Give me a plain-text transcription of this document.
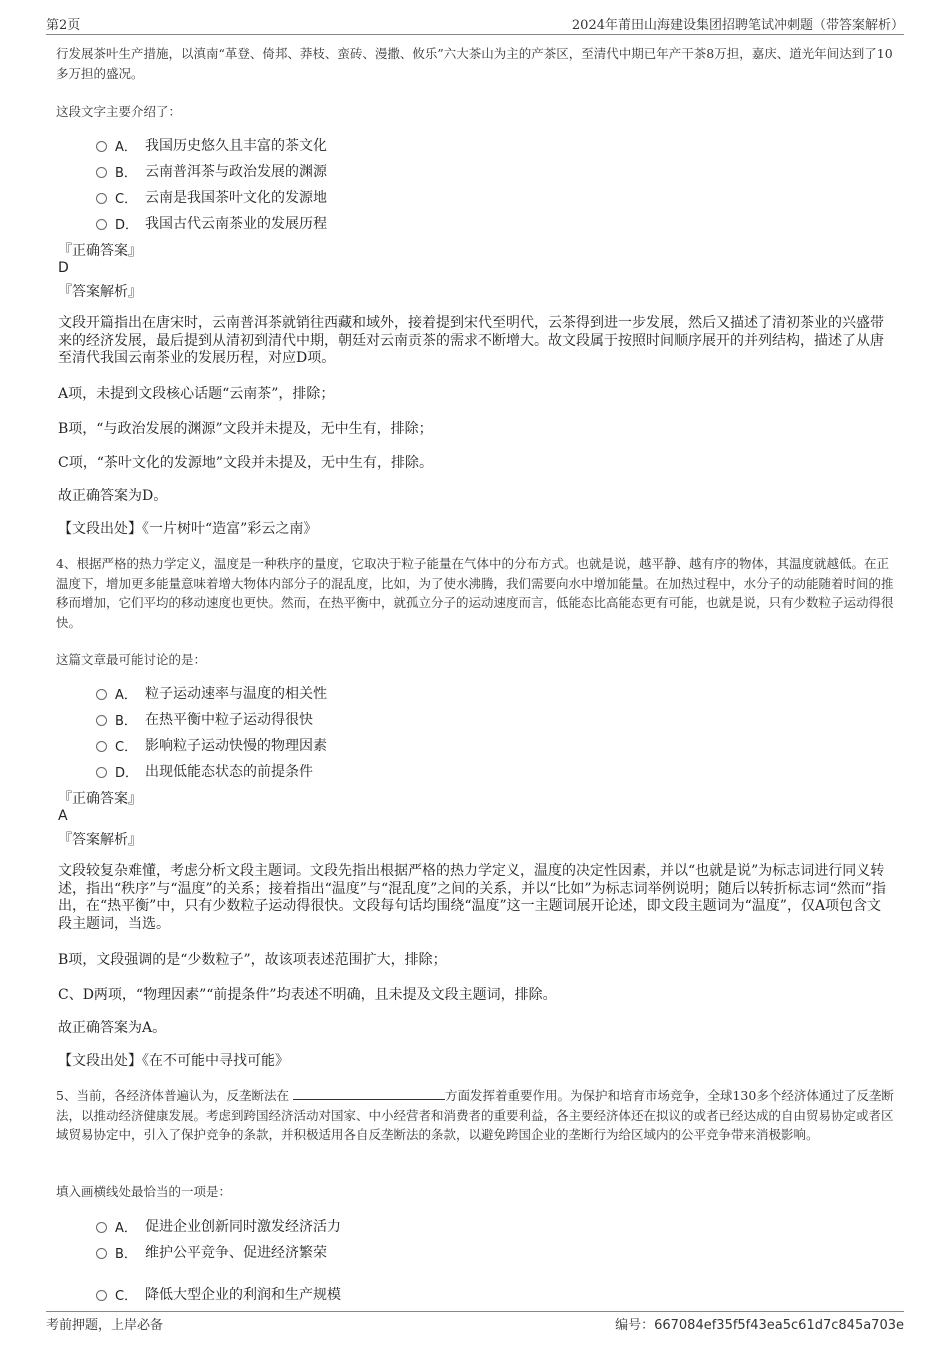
第2页	2024年莆田山海建设集团招聘笔试冲刺题（带答案解析）
行发展茶叶生产措施，以滇南“革登、倚邦、莽枝、蛮砖、漫撒、攸乐”六大茶山为主的产茶区，至清代中期已年产干茶8万担，嘉庆、道光年间达到了10多万担的盛况。
这段文字主要介绍了：
A． 我国历史悠久且丰富的茶文化
B． 云南普洱茶与政治发展的渊源
C． 云南是我国茶叶文化的发源地
D． 我国古代云南茶业的发展历程
『正确答案』
D
『答案解析』
文段开篇指出在唐宋时，云南普洱茶就销往西藏和域外，接着提到宋代至明代，云茶得到进一步发展，然后又描述了清初茶业的兴盛带来的经济发展，最后提到从清初到清代中期，朝廷对云南贡茶的需求不断增大。故文段属于按照时间顺序展开的并列结构，描述了从唐至清代我国云南茶业的发展历程，对应D项。
A项，未提到文段核心话题“云南茶”，排除；
B项，“与政治发展的渊源”文段并未提及，无中生有，排除；
C项，“茶叶文化的发源地”文段并未提及，无中生有，排除。
故正确答案为D。
【文段出处】《一片树叶“造富”彩云之南》
4、根据严格的热力学定义，温度是一种秩序的量度，它取决于粒子能量在气体中的分布方式。也就是说，越平静、越有序的物体，其温度就越低。在正温度下，增加更多能量意味着增大物体内部分子的混乱度，比如，为了使水沸腾，我们需要向水中增加能量。在加热过程中，水分子的动能随着时间的推移而增加，它们平均的移动速度也更快。然而，在热平衡中，就孤立分子的运动速度而言，低能态比高能态更有可能，也就是说，只有少数粒子运动得很快。
这篇文章最可能讨论的是：
A． 粒子运动速率与温度的相关性
B． 在热平衡中粒子运动得很快
C． 影响粒子运动快慢的物理因素
D． 出现低能态状态的前提条件
『正确答案』
A
『答案解析』
文段较复杂难懂，考虑分析文段主题词。文段先指出根据严格的热力学定义，温度的决定性因素，并以“也就是说”为标志词进行同义转述，指出“秩序”与“温度”的关系；接着指出“温度”与“混乱度”之间的关系，并以“比如”为标志词举例说明；随后以转折标志词“然而”指出，在“热平衡”中，只有少数粒子运动得很快。文段每句话均围绕“温度”这一主题词展开论述，即文段主题词为“温度”，仅A项包含文段主题词，当选。
B项，文段强调的是“少数粒子”，故该项表述范围扩大，排除；
C、D两项，“物理因素”“前提条件”均表述不明确，且未提及文段主题词，排除。
故正确答案为A。
【文段出处】《在不可能中寻找可能》
5、当前，各经济体普遍认为，反垄断法在	方面发挥着重要作用。为保护和培育市场竞争，全球130多个经济体通过了反垄断法，以推动经济健康发展。考虑到跨国经济活动对国家、中小经营者和消费者的重要利益，各主要经济体还在拟议的或者已经达成的自由贸易协定或者区域贸易协定中，引入了保护竞争的条款，并积极适用各自反垄断法的条款，以避免跨国企业的垄断行为给区域内的公平竞争带来消极影响。
填入画横线处最恰当的一项是：
A． 促进企业创新同时激发经济活力
B． 维护公平竞争、促进经济繁荣
C． 降低大型企业的利润和生产规模
考前押题，上岸必备	编号：667084ef35f5f43ea5c61d7c845a703e
